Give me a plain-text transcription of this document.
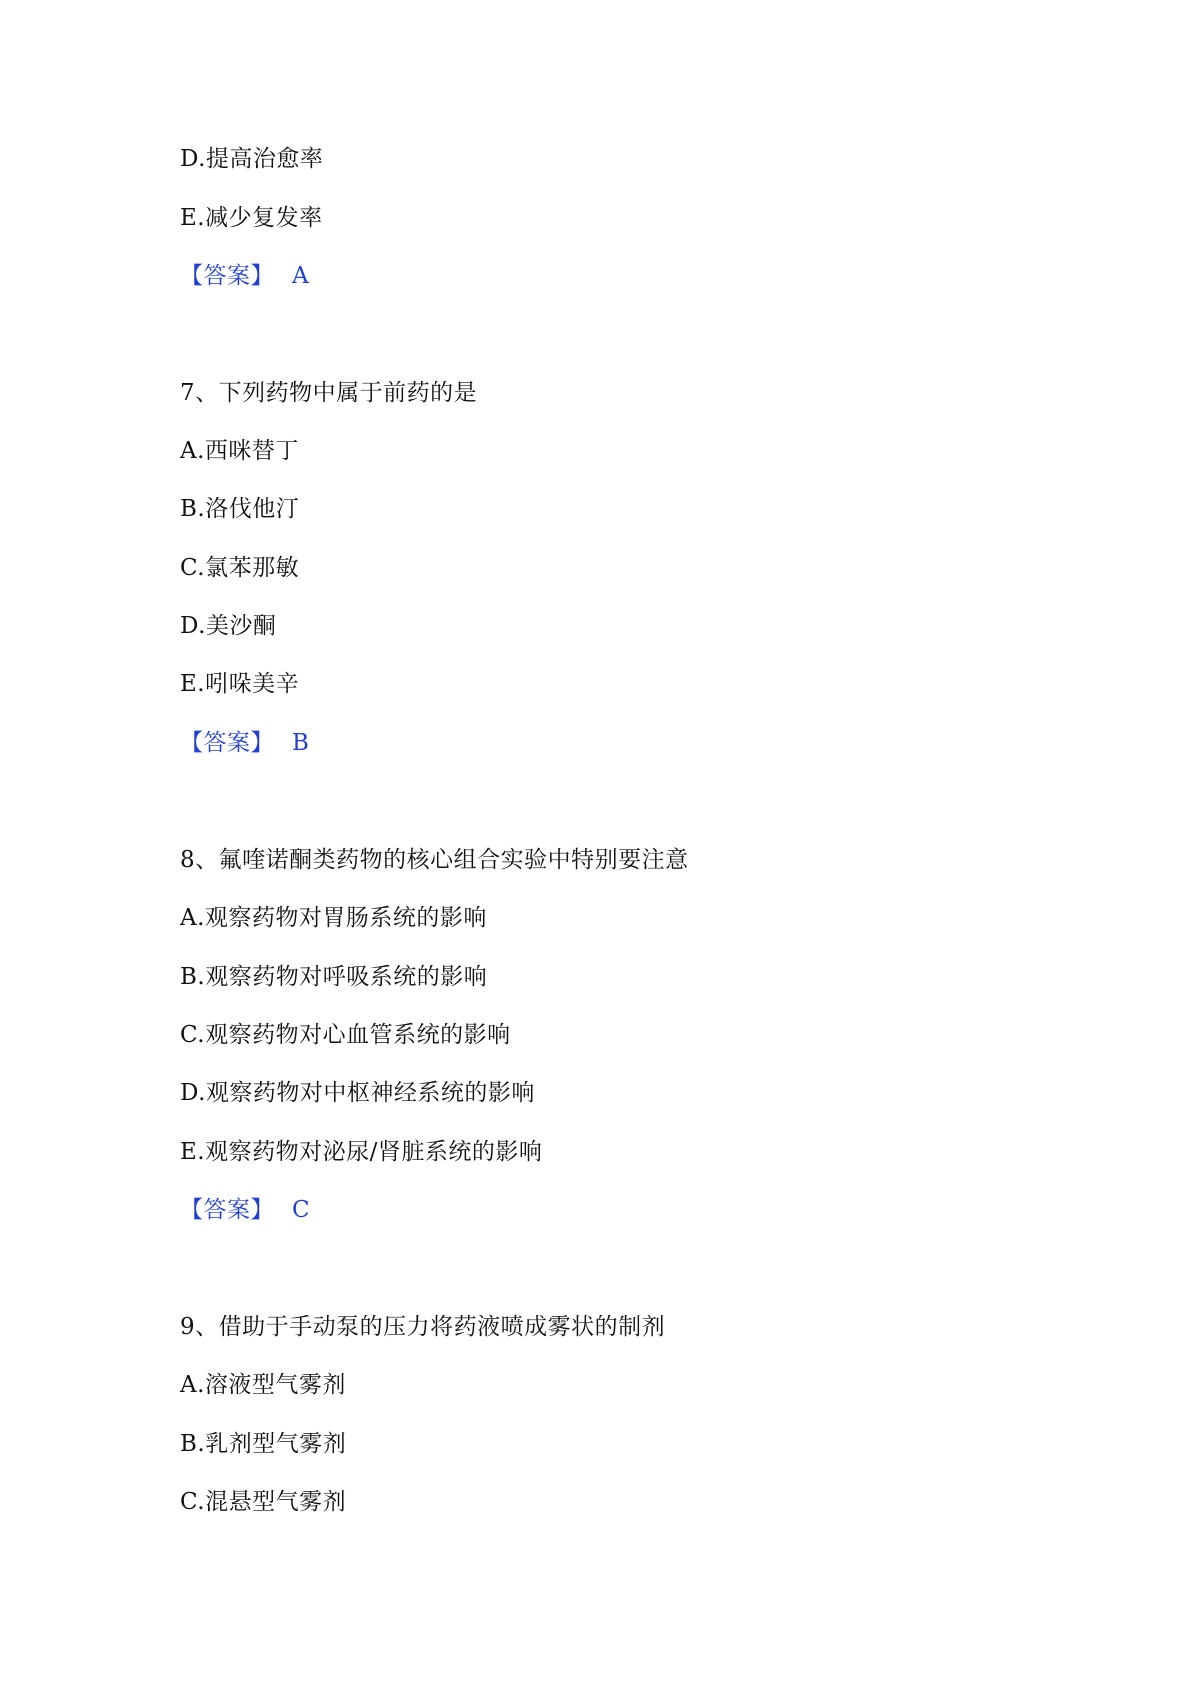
D.提高治愈率
E.减少复发率
【答案】 A
7、下列药物中属于前药的是
A.西咪替丁
B.洛伐他汀
C.氯苯那敏
D.美沙酮
E.吲哚美辛
【答案】 B
8、氟喹诺酮类药物的核心组合实验中特别要注意
A.观察药物对胃肠系统的影响
B.观察药物对呼吸系统的影响
C.观察药物对心血管系统的影响
D.观察药物对中枢神经系统的影响
E.观察药物对泌尿/肾脏系统的影响
【答案】 C
9、借助于手动泵的压力将药液喷成雾状的制剂
A.溶液型气雾剂
B.乳剂型气雾剂
C.混悬型气雾剂
